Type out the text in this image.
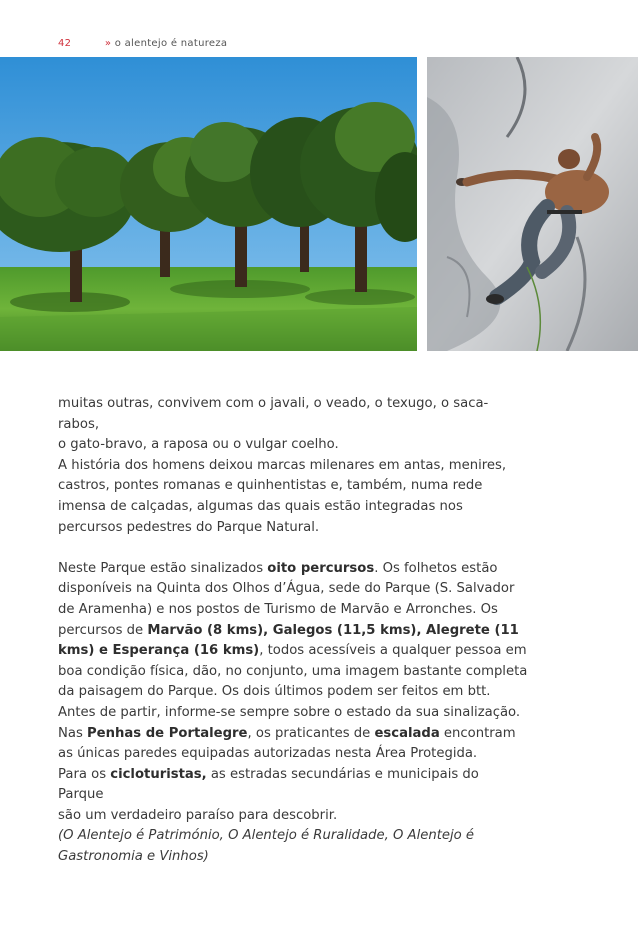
42	» o alentejo é natureza

muitas outras, convivem com o javali, o veado, o texugo, o saca-rabos,

o gato-bravo, a raposa ou o vulgar coelho.

A história dos homens deixou marcas milenares em antas, menires,

castros, pontes romanas e quinhentistas e, também, numa rede

imensa de calçadas, algumas das quais estão integradas nos

percursos pedestres do Parque Natural.

Neste Parque estão sinalizados oito percursos. Os folhetos estão

disponíveis na Quinta dos Olhos d’Água, sede do Parque (S. Salvador

de Aramenha) e nos postos de Turismo de Marvão e Arronches. Os

percursos de Marvão (8 kms), Galegos (11,5 kms), Alegrete (11

kms) e Esperança (16 kms), todos acessíveis a qualquer pessoa em

boa condição física, dão, no conjunto, uma imagem bastante completa

da paisagem do Parque. Os dois últimos podem ser feitos em btt.

Antes de partir, informe-se sempre sobre o estado da sua sinalização.

Nas Penhas de Portalegre, os praticantes de escalada encontram

as únicas paredes equipadas autorizadas nesta Área Protegida.

Para os cicloturistas, as estradas secundárias e municipais do Parque

são um verdadeiro paraíso para descobrir.

(O Alentejo é Património, O Alentejo é Ruralidade, O Alentejo é

Gastronomia e Vinhos)
